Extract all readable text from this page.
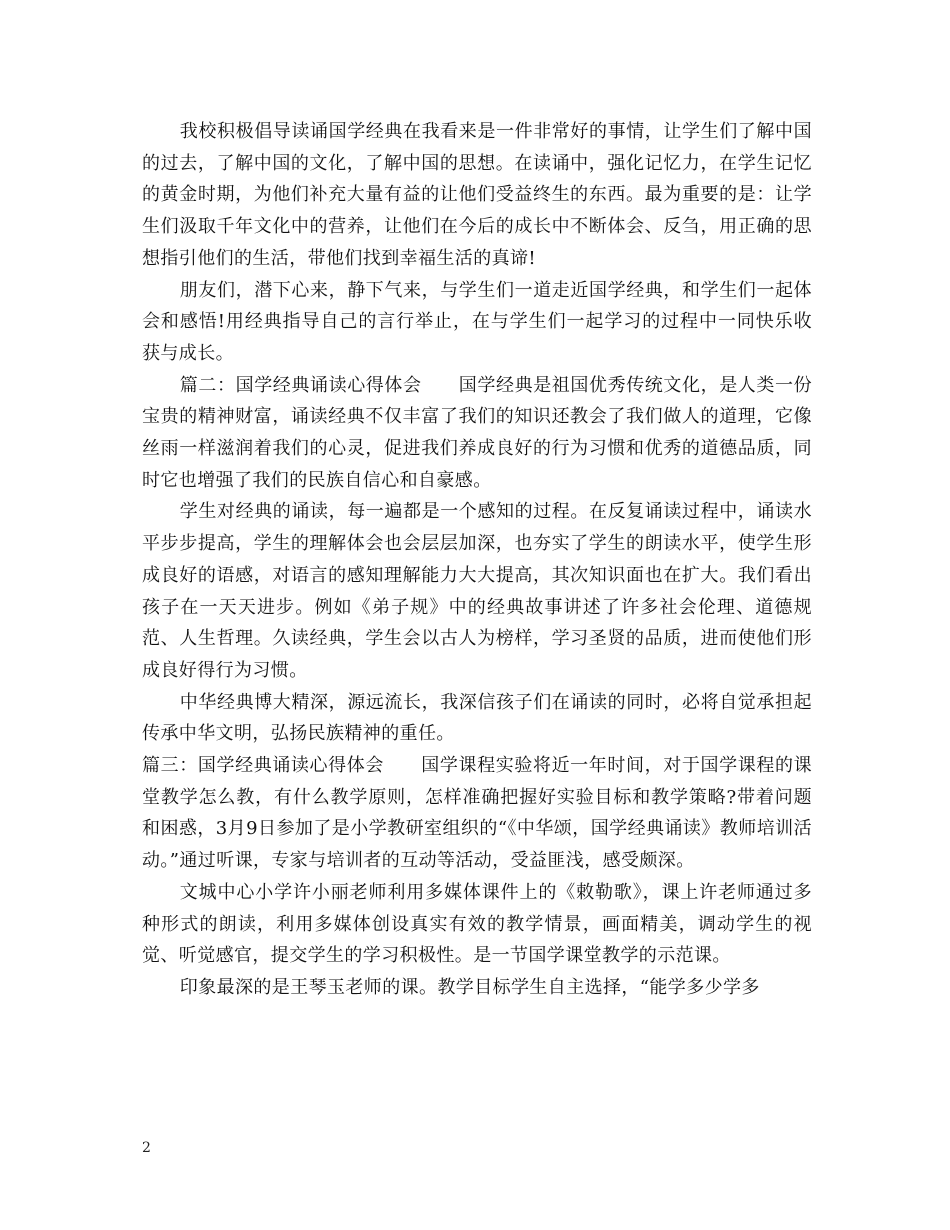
我校积极倡导读诵国学经典在我看来是一件非常好的事情，让学生们了解中国的过去，了解中国的文化，了解中国的思想。在读诵中，强化记忆力，在学生记忆的黄金时期，为他们补充大量有益的让他们受益终生的东西。最为重要的是：让学生们汲取千年文化中的营养，让他们在今后的成长中不断体会、反刍，用正确的思想指引他们的生活，带他们找到幸福生活的真谛!

朋友们，潜下心来，静下气来，与学生们一道走近国学经典，和学生们一起体会和感悟!用经典指导自己的言行举止，在与学生们一起学习的过程中一同快乐收获与成长。

篇二：国学经典诵读心得体会　　国学经典是祖国优秀传统文化，是人类一份宝贵的精神财富，诵读经典不仅丰富了我们的知识还教会了我们做人的道理，它像丝雨一样滋润着我们的心灵，促进我们养成良好的行为习惯和优秀的道德品质，同时它也增强了我们的民族自信心和自豪感。

学生对经典的诵读，每一遍都是一个感知的过程。在反复诵读过程中，诵读水平步步提高，学生的理解体会也会层层加深，也夯实了学生的朗读水平，使学生形成良好的语感，对语言的感知理解能力大大提高，其次知识面也在扩大。我们看出孩子在一天天进步。例如《弟子规》中的经典故事讲述了许多社会伦理、道德规范、人生哲理。久读经典，学生会以古人为榜样，学习圣贤的品质，进而使他们形成良好得行为习惯。

中华经典博大精深，源远流长，我深信孩子们在诵读的同时，必将自觉承担起传承中华文明，弘扬民族精神的重任。

篇三：国学经典诵读心得体会　　国学课程实验将近一年时间，对于国学课程的课堂教学怎么教，有什么教学原则，怎样准确把握好实验目标和教学策略?带着问题和困惑，3月9日参加了是小学教研室组织的“《中华颂，国学经典诵读》教师培训活动。”通过听课，专家与培训者的互动等活动，受益匪浅，感受颇深。

文城中心小学许小丽老师利用多媒体课件上的《敕勒歌》，课上许老师通过多种形式的朗读，利用多媒体创设真实有效的教学情景，画面精美，调动学生的视觉、听觉感官，提交学生的学习积极性。是一节国学课堂教学的示范课。

印象最深的是王琴玉老师的课。教学目标学生自主选择，“能学多少学多

2
